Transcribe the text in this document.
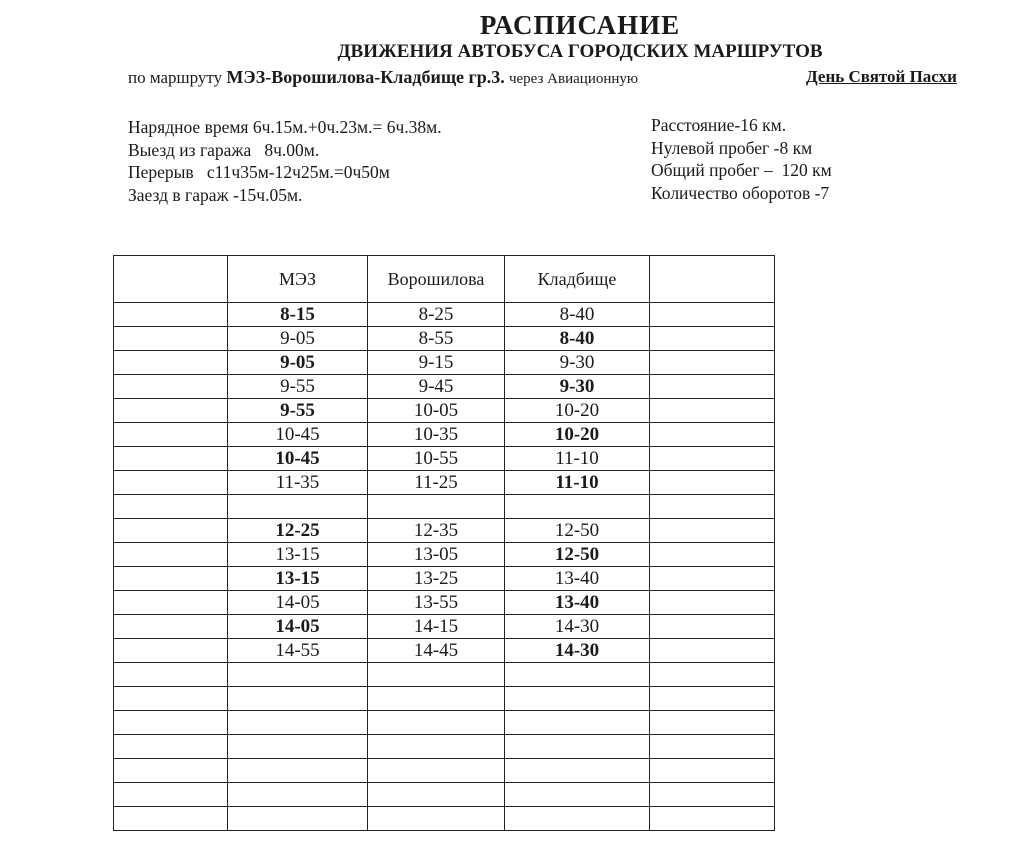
РАСПИСАНИЕ
ДВИЖЕНИЯ АВТОБУСА ГОРОДСКИХ МАРШРУТОВ
по маршруту МЭЗ-Ворошилова-Кладбище гр.3. через Авиационную	День Святой Пасхи
Нарядное время 6ч.15м.+0ч.23м.= 6ч.38м.
Выезд из гаража   8ч.00м.
Перерыв   с11ч35м-12ч25м.=0ч50м
Заезд в гараж -15ч.05м.
Расстояние-16 км.
Нулевой пробег -8 км
Общий пробег –  120 км
Количество оборотов -7
	МЭЗ	Ворошилова	Кладбище	
	8-15	8-25	8-40	
	9-05	8-55	8-40	
	9-05	9-15	9-30	
	9-55	9-45	9-30	
	9-55	10-05	10-20	
	10-45	10-35	10-20	
	10-45	10-55	11-10	
	11-35	11-25	11-10	

	12-25	12-35	12-50	
	13-15	13-05	12-50	
	13-15	13-25	13-40	
	14-05	13-55	13-40	
	14-05	14-15	14-30	
	14-55	14-45	14-30	
